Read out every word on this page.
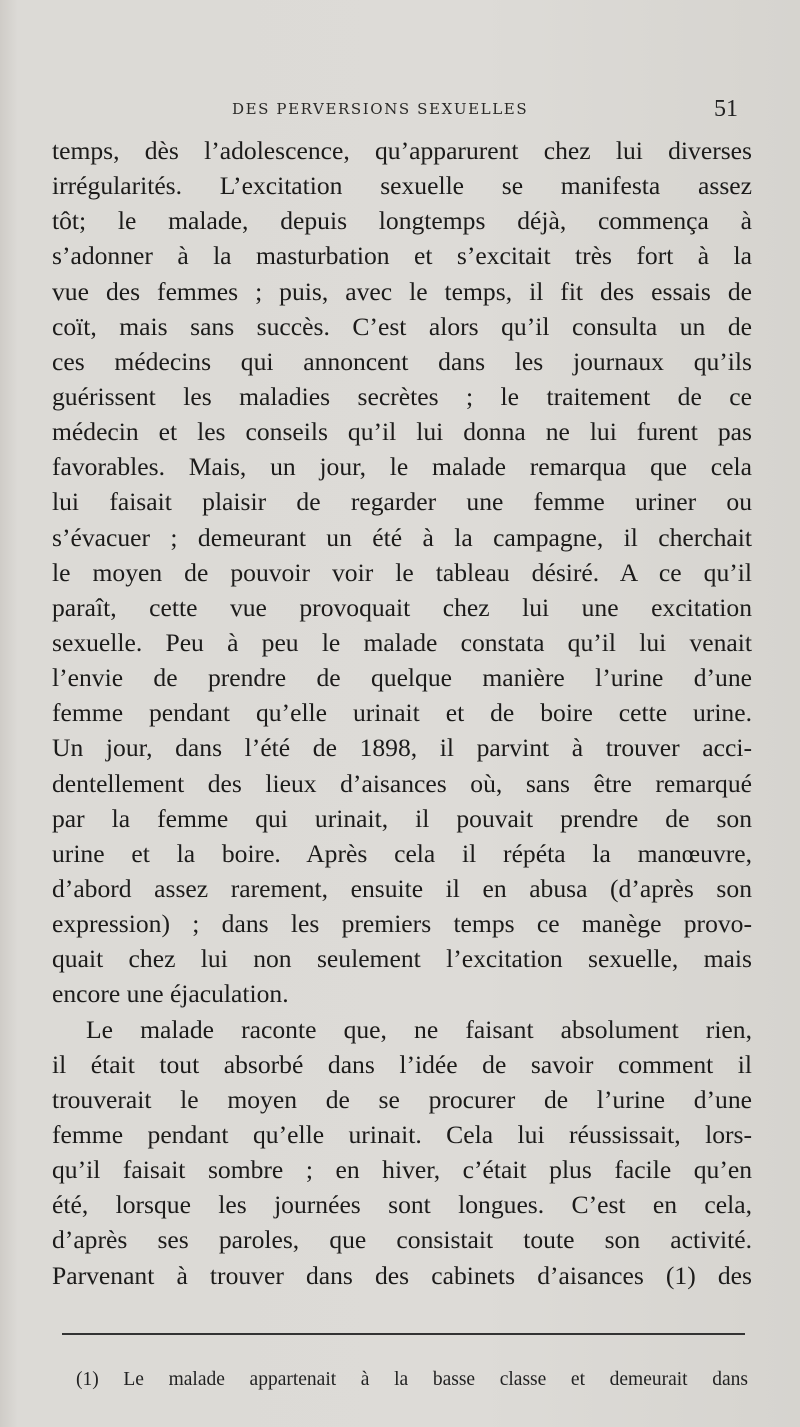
DES PERVERSIONS SEXUELLES	51
temps, dès l’adolescence, qu’apparurent chez lui diverses
irrégularités. L’excitation sexuelle se manifesta assez
tôt; le malade, depuis longtemps déjà, commença à
s’adonner à la masturbation et s’excitait très fort à la
vue des femmes ; puis, avec le temps, il fit des essais de
coït, mais sans succès. C’est alors qu’il consulta un de
ces médecins qui annoncent dans les journaux qu’ils
guérissent les maladies secrètes ; le traitement de ce
médecin et les conseils qu’il lui donna ne lui furent pas
favorables. Mais, un jour, le malade remarqua que cela
lui faisait plaisir de regarder une femme uriner ou
s’évacuer ; demeurant un été à la campagne, il cherchait
le moyen de pouvoir voir le tableau désiré. A ce qu’il
paraît, cette vue provoquait chez lui une excitation
sexuelle. Peu à peu le malade constata qu’il lui venait
l’envie de prendre de quelque manière l’urine d’une
femme pendant qu’elle urinait et de boire cette urine.
Un jour, dans l’été de 1898, il parvint à trouver acci-
dentellement des lieux d’aisances où, sans être remarqué
par la femme qui urinait, il pouvait prendre de son
urine et la boire. Après cela il répéta la manœuvre,
d’abord assez rarement, ensuite il en abusa (d’après son
expression) ; dans les premiers temps ce manège provo-
quait chez lui non seulement l’excitation sexuelle, mais
encore une éjaculation.
Le malade raconte que, ne faisant absolument rien,
il était tout absorbé dans l’idée de savoir comment il
trouverait le moyen de se procurer de l’urine d’une
femme pendant qu’elle urinait. Cela lui réussissait, lors-
qu’il faisait sombre ; en hiver, c’était plus facile qu’en
été, lorsque les journées sont longues. C’est en cela,
d’après ses paroles, que consistait toute son activité.
Parvenant à trouver dans des cabinets d’aisances (1) des
(1) Le malade appartenait à la basse classe et demeurait dans
